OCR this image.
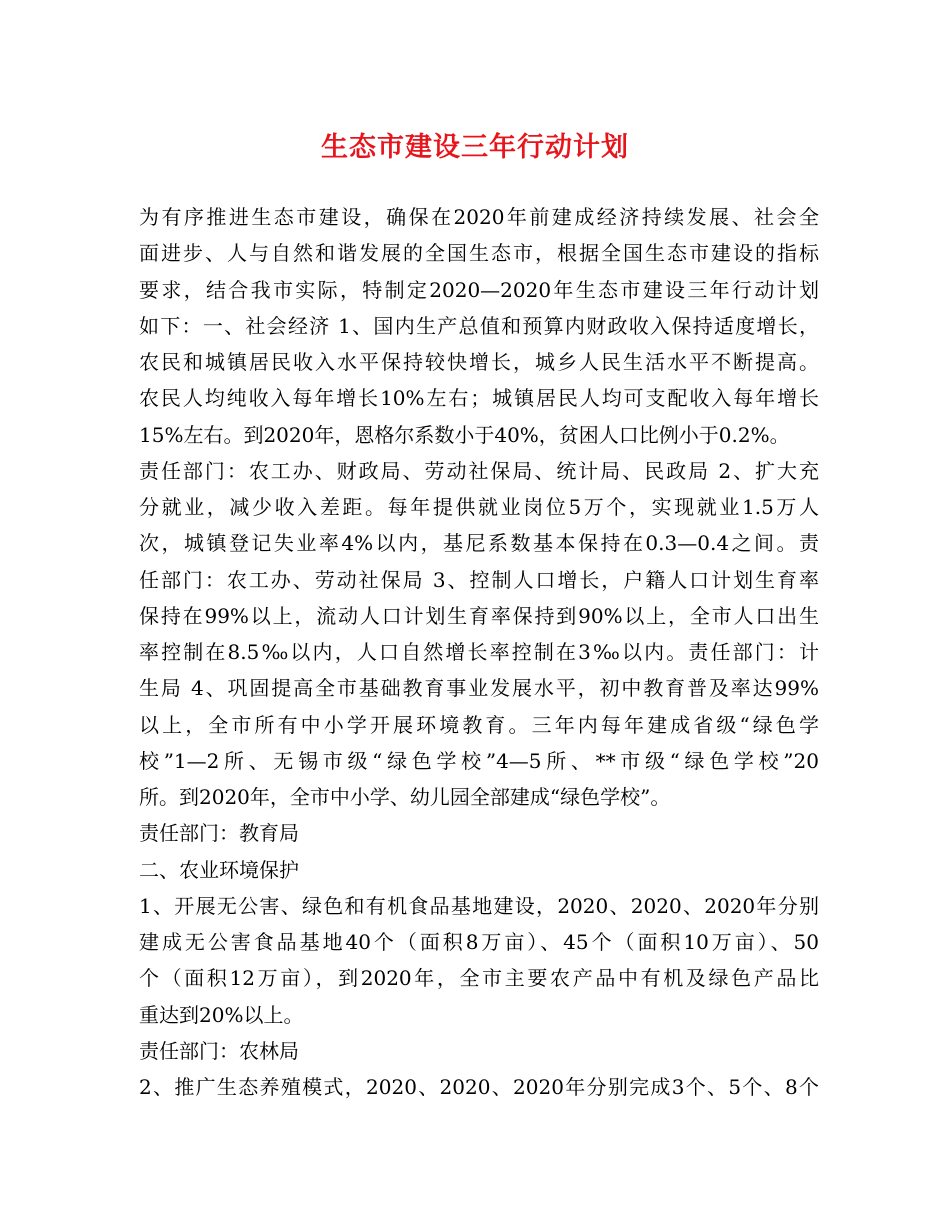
生态市建设三年行动计划
为有序推进生态市建设，确保在2020年前建成经济持续发展、社会全
面进步、人与自然和谐发展的全国生态市，根据全国生态市建设的指标
要求，结合我市实际，特制定2020—2020年生态市建设三年行动计划
如下：一、社会经济 1、国内生产总值和预算内财政收入保持适度增长，
农民和城镇居民收入水平保持较快增长，城乡人民生活水平不断提高。
农民人均纯收入每年增长10%左右；城镇居民人均可支配收入每年增长
15%左右。到2020年，恩格尔系数小于40%，贫困人口比例小于0.2%。
责任部门：农工办、财政局、劳动社保局、统计局、民政局 2、扩大充
分就业，减少收入差距。每年提供就业岗位5万个，实现就业1.5万人
次，城镇登记失业率4%以内，基尼系数基本保持在0.3—0.4之间。责
任部门：农工办、劳动社保局 3、控制人口增长，户籍人口计划生育率
保持在99%以上，流动人口计划生育率保持到90%以上，全市人口出生
率控制在8.5‰以内，人口自然增长率控制在3‰以内。责任部门：计
生局 4、巩固提高全市基础教育事业发展水平，初中教育普及率达99%
以上，全市所有中小学开展环境教育。三年内每年建成省级“绿色学
校”1—2所、无锡市级“绿色学校”4—5所、**市级“绿色学校”20
所。到2020年，全市中小学、幼儿园全部建成“绿色学校”。
责任部门：教育局
二、农业环境保护
1、开展无公害、绿色和有机食品基地建设，2020、2020、2020年分别
建成无公害食品基地40个（面积8万亩）、45个（面积10万亩）、50
个（面积12万亩），到2020年，全市主要农产品中有机及绿色产品比
重达到20%以上。
责任部门：农林局
2、推广生态养殖模式，2020、2020、2020年分别完成3个、5个、8个
